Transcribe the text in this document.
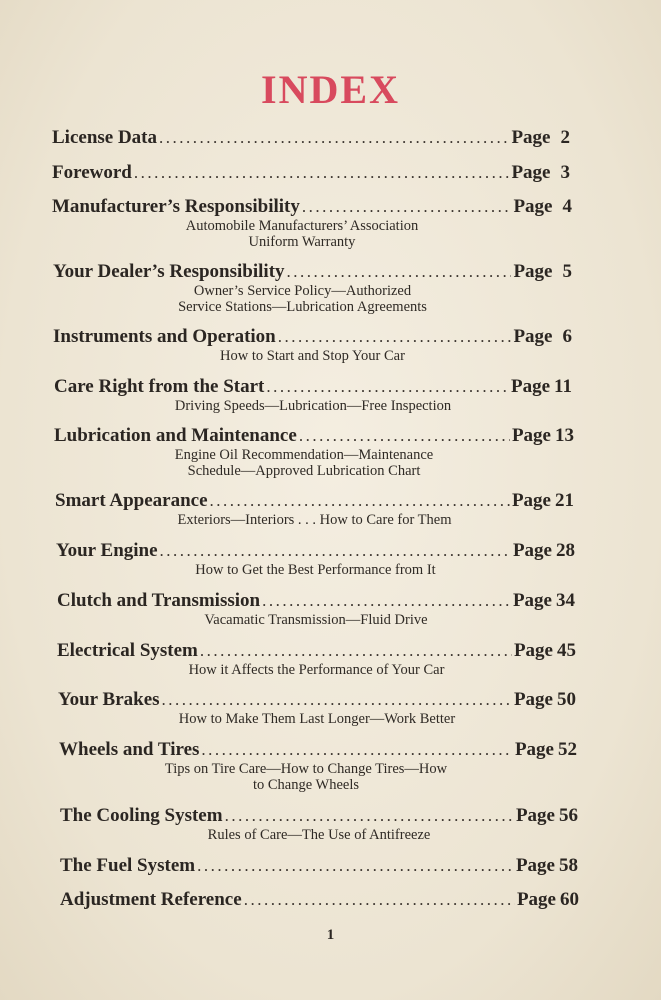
INDEX
License Data .....	Page 2
Foreword .....	Page 3
Manufacturer’s Responsibility .....	Page 4
Automobile Manufacturers’ Association
Uniform Warranty
Your Dealer’s Responsibility .....	Page 5
Owner’s Service Policy—Authorized
Service Stations—Lubrication Agreements
Instruments and Operation .....	Page 6
How to Start and Stop Your Car
Care Right from the Start .....	Page 11
Driving Speeds—Lubrication—Free Inspection
Lubrication and Maintenance .....	Page 13
Engine Oil Recommendation—Maintenance
Schedule—Approved Lubrication Chart
Smart Appearance .....	Page 21
Exteriors—Interiors . . . How to Care for Them
Your Engine .....	Page 28
How to Get the Best Performance from It
Clutch and Transmission .....	Page 34
Vacamatic Transmission—Fluid Drive
Electrical System .....	Page 45
How it Affects the Performance of Your Car
Your Brakes .....	Page 50
How to Make Them Last Longer—Work Better
Wheels and Tires .....	Page 52
Tips on Tire Care—How to Change Tires—How
to Change Wheels
The Cooling System .....	Page 56
Rules of Care—The Use of Antifreeze
The Fuel System .....	Page 58
Adjustment Reference .....	Page 60
1
